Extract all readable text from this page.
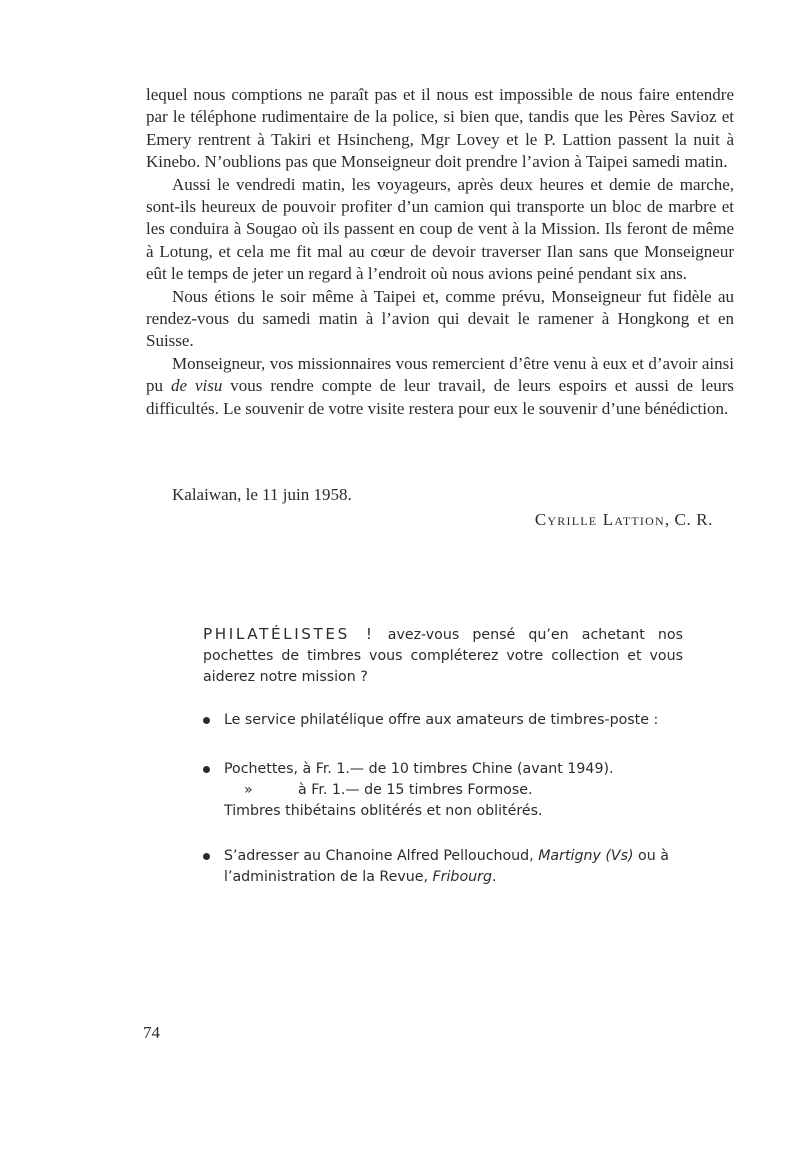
lequel nous comptions ne paraît pas et il nous est impossible de nous faire entendre par le téléphone rudimentaire de la police, si bien que, tandis que les Pères Savioz et Emery rentrent à Takiri et Hsincheng, Mgr Lovey et le P. Lattion passent la nuit à Kinebo. N’oublions pas que Monseigneur doit prendre l’avion à Taipei samedi matin.

Aussi le vendredi matin, les voyageurs, après deux heures et demie de marche, sont-ils heureux de pouvoir profiter d’un camion qui transporte un bloc de marbre et les conduira à Sougao où ils passent en coup de vent à la Mission. Ils feront de même à Lotung, et cela me fit mal au cœur de devoir traverser Ilan sans que Monseigneur eût le temps de jeter un regard à l’endroit où nous avions peiné pendant six ans.

Nous étions le soir même à Taipei et, comme prévu, Monseigneur fut fidèle au rendez-vous du samedi matin à l’avion qui devait le ramener à Hongkong et en Suisse.

Monseigneur, vos missionnaires vous remercient d’être venu à eux et d’avoir ainsi pu de visu vous rendre compte de leur travail, de leurs espoirs et aussi de leurs difficultés. Le souvenir de votre visite restera pour eux le souvenir d’une bénédiction.

Kalaiwan, le 11 juin 1958.
Cyrille Lattion, C. R.

PHILATÉLISTES ! avez-vous pensé qu’en achetant nos pochettes de timbres vous compléterez votre collection et vous aiderez notre mission ?

Le service philatélique offre aux amateurs de timbres-poste :
Pochettes, à Fr. 1.— de 10 timbres Chine (avant 1949).
»	à Fr. 1.— de 15 timbres Formose.
Timbres thibétains oblitérés et non oblitérés.
S’adresser au Chanoine Alfred Pellouchoud, Martigny (Vs) ou à l’administration de la Revue, Fribourg.
74
